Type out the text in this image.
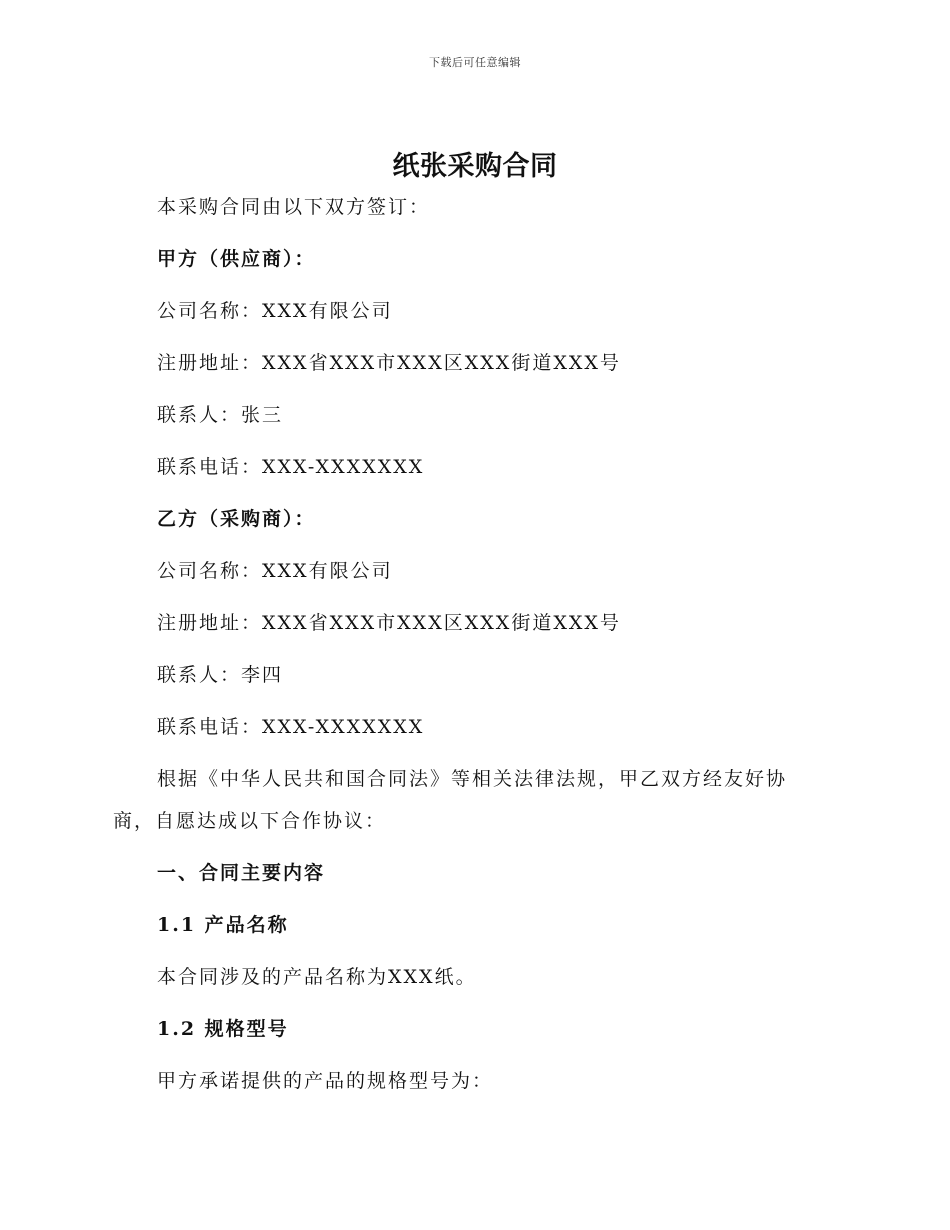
下载后可任意编辑
纸张采购合同

本采购合同由以下双方签订：

甲方（供应商）：

公司名称：XXX有限公司

注册地址：XXX省XXX市XXX区XXX街道XXX号

联系人：张三

联系电话：XXX-XXXXXXX

乙方（采购商）：

公司名称：XXX有限公司

注册地址：XXX省XXX市XXX区XXX街道XXX号

联系人：李四

联系电话：XXX-XXXXXXX

根据《中华人民共和国合同法》等相关法律法规，甲乙双方经友好协

商，自愿达成以下合作协议：

一、合同主要内容

1.1 产品名称

本合同涉及的产品名称为XXX纸。

1.2 规格型号

甲方承诺提供的产品的规格型号为：
